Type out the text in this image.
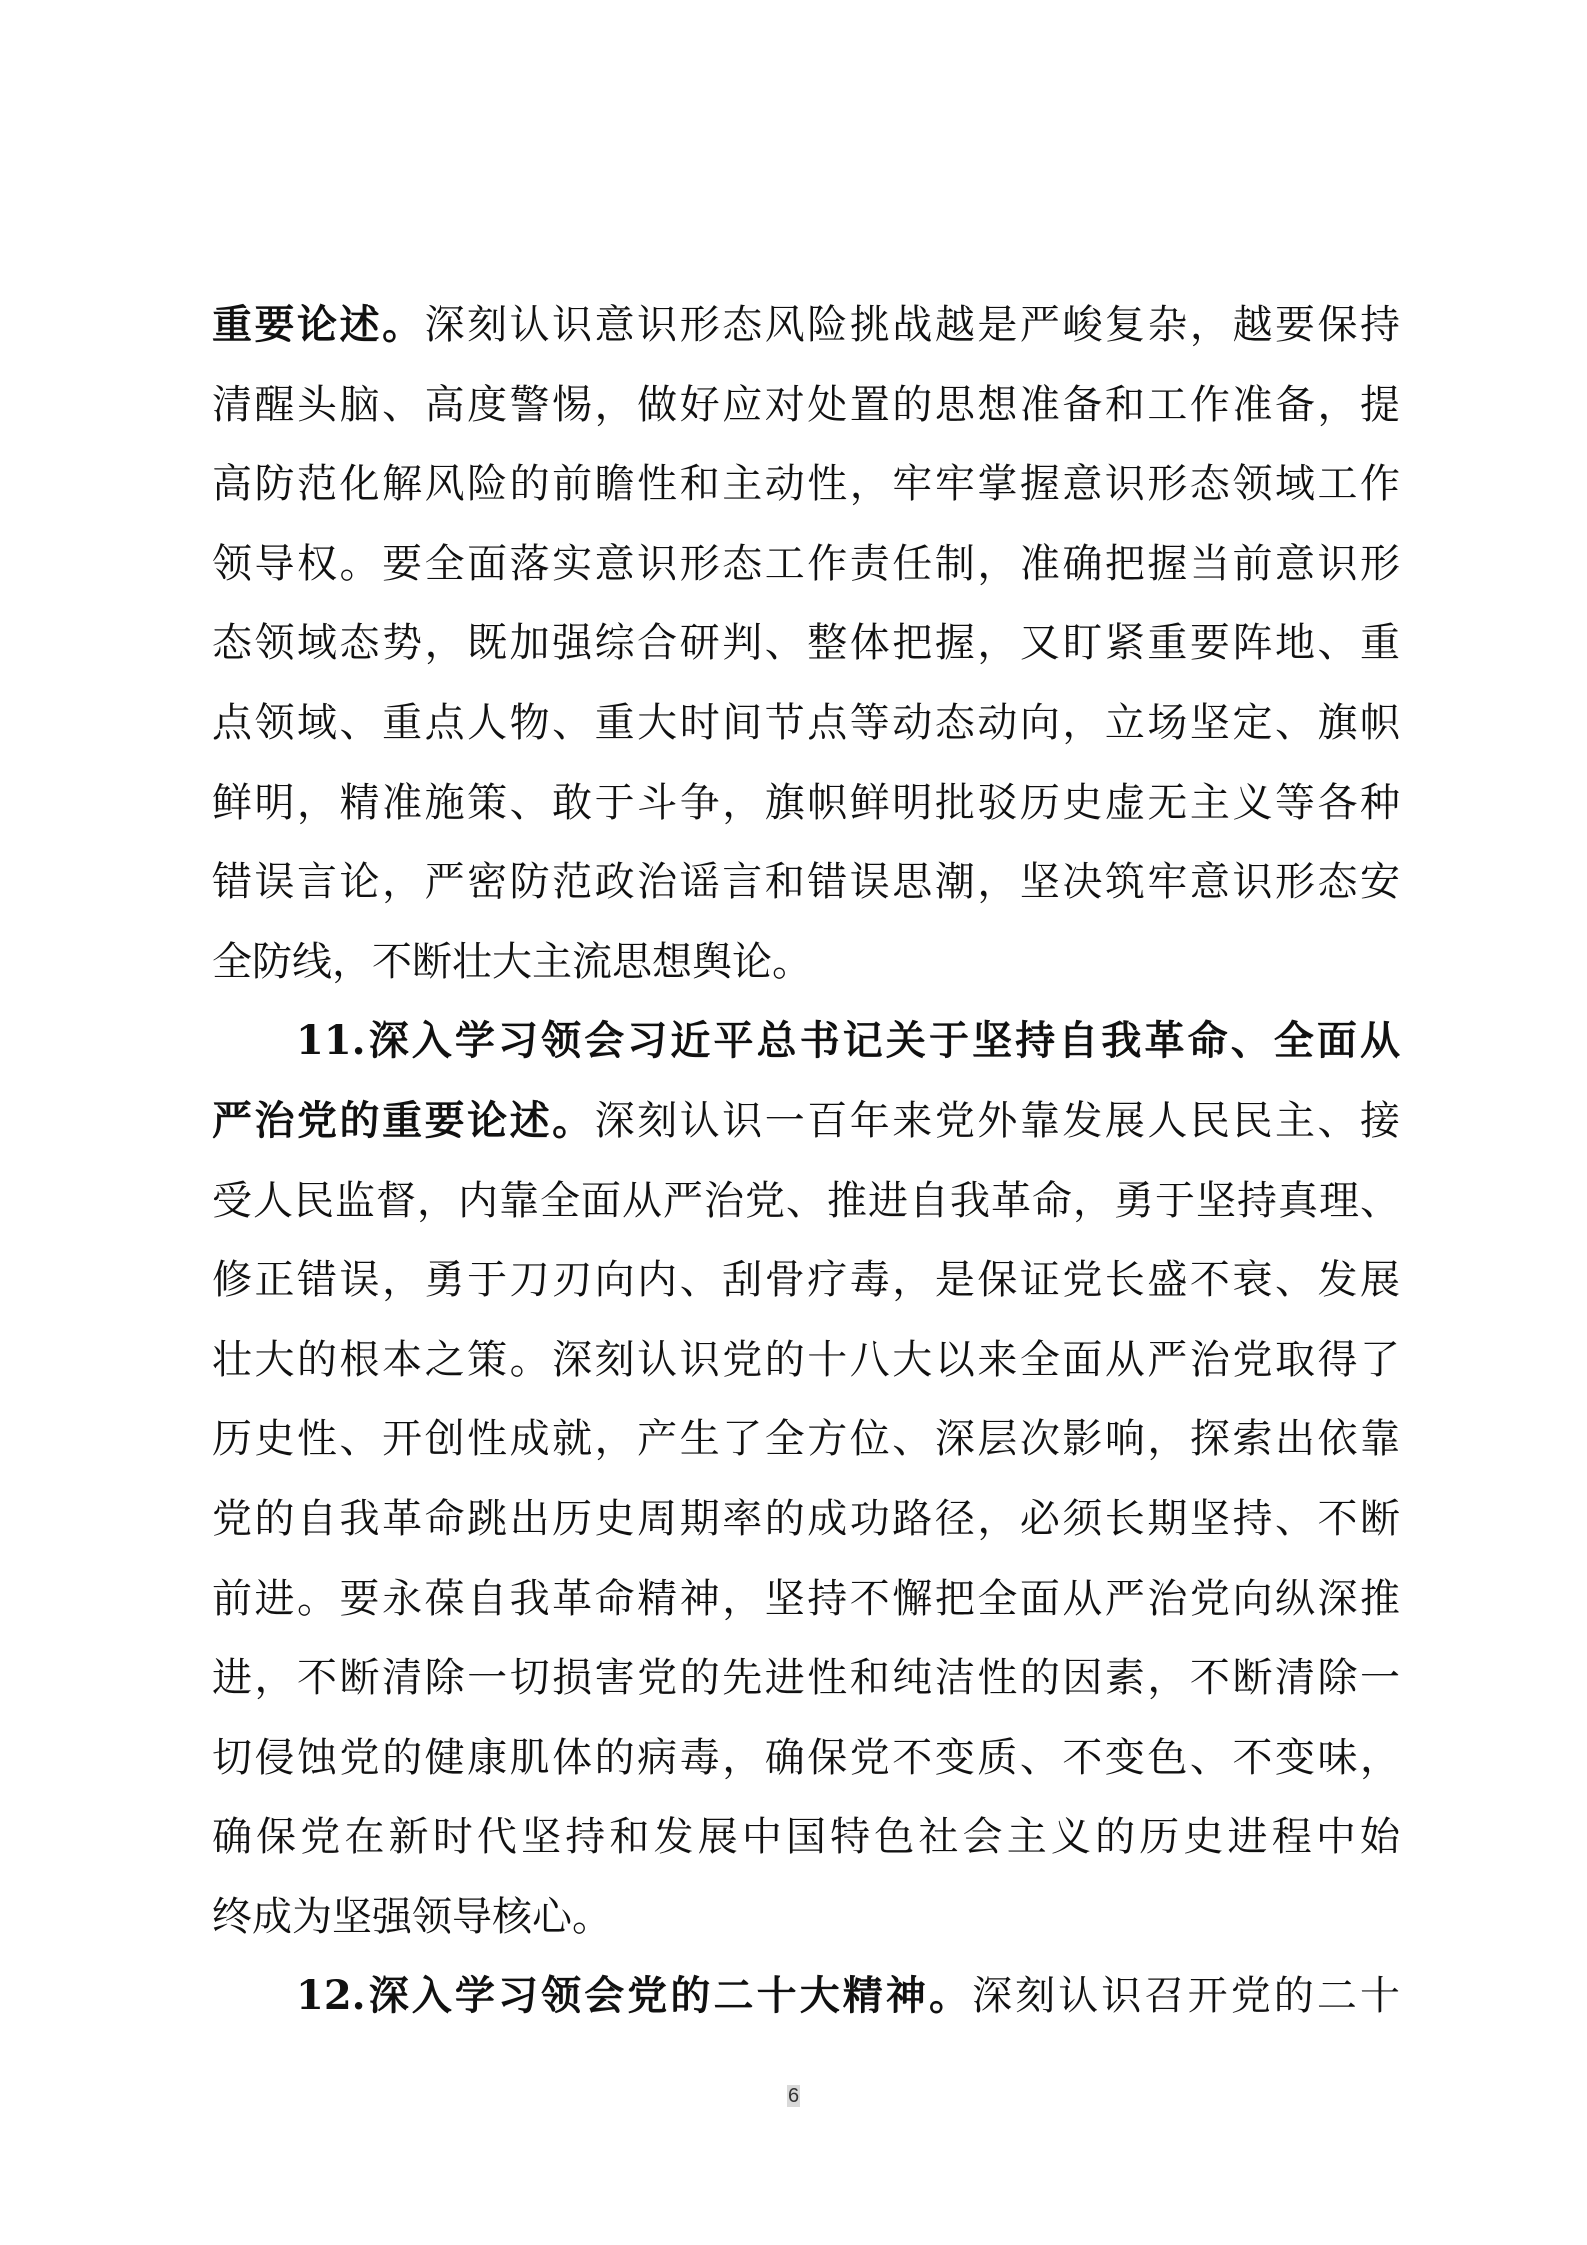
重要论述。深刻认识意识形态风险挑战越是严峻复杂，越要保持
清醒头脑、高度警惕，做好应对处置的思想准备和工作准备，提
高防范化解风险的前瞻性和主动性，牢牢掌握意识形态领域工作
领导权。要全面落实意识形态工作责任制，准确把握当前意识形
态领域态势，既加强综合研判、整体把握，又盯紧重要阵地、重
点领域、重点人物、重大时间节点等动态动向，立场坚定、旗帜
鲜明，精准施策、敢于斗争，旗帜鲜明批驳历史虚无主义等各种
错误言论，严密防范政治谣言和错误思潮，坚决筑牢意识形态安
全防线，不断壮大主流思想舆论。
11.深入学习领会习近平总书记关于坚持自我革命、全面从
严治党的重要论述。深刻认识一百年来党外靠发展人民民主、接
受人民监督，内靠全面从严治党、推进自我革命，勇于坚持真理、
修正错误，勇于刀刃向内、刮骨疗毒，是保证党长盛不衰、发展
壮大的根本之策。深刻认识党的十八大以来全面从严治党取得了
历史性、开创性成就，产生了全方位、深层次影响，探索出依靠
党的自我革命跳出历史周期率的成功路径，必须长期坚持、不断
前进。要永葆自我革命精神，坚持不懈把全面从严治党向纵深推
进，不断清除一切损害党的先进性和纯洁性的因素，不断清除一
切侵蚀党的健康肌体的病毒，确保党不变质、不变色、不变味，
确保党在新时代坚持和发展中国特色社会主义的历史进程中始
终成为坚强领导核心。
12.深入学习领会党的二十大精神。深刻认识召开党的二十
6
